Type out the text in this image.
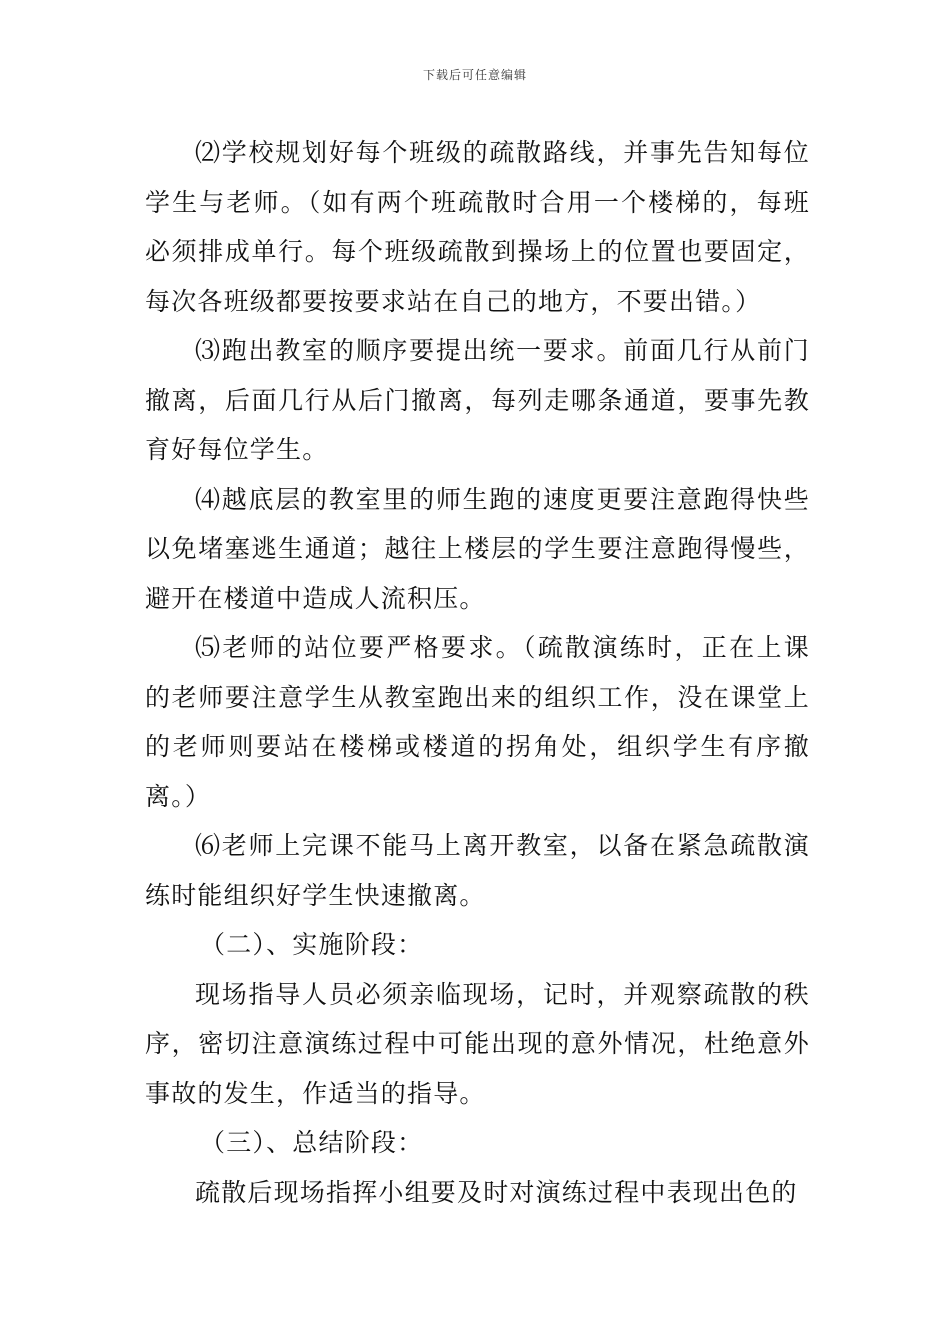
下载后可任意编辑

⑵学校规划好每个班级的疏散路线，并事先告知每位学生与老师。（如有两个班疏散时合用一个楼梯的，每班必须排成单行。每个班级疏散到操场上的位置也要固定，每次各班级都要按要求站在自己的地方，不要出错。）

⑶跑出教室的顺序要提出统一要求。前面几行从前门撤离，后面几行从后门撤离，每列走哪条通道，要事先教育好每位学生。

⑷越底层的教室里的师生跑的速度更要注意跑得快些以免堵塞逃生通道；越往上楼层的学生要注意跑得慢些，避开在楼道中造成人流积压。

⑸老师的站位要严格要求。（疏散演练时，正在上课的老师要注意学生从教室跑出来的组织工作，没在课堂上的老师则要站在楼梯或楼道的拐角处，组织学生有序撤离。）

⑹老师上完课不能马上离开教室，以备在紧急疏散演练时能组织好学生快速撤离。

（二）、实施阶段：

现场指导人员必须亲临现场，记时，并观察疏散的秩序，密切注意演练过程中可能出现的意外情况，杜绝意外事故的发生，作适当的指导。

（三）、总结阶段：

疏散后现场指挥小组要及时对演练过程中表现出色的
